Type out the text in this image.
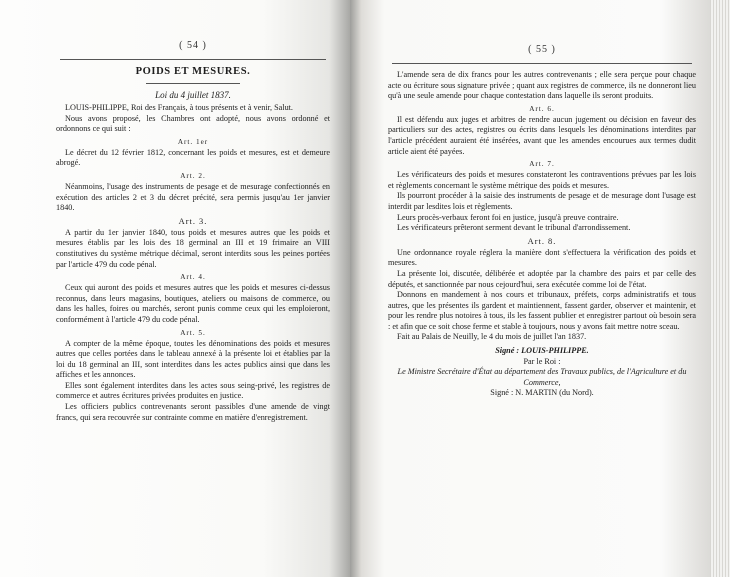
( 54 )
POIDS ET MESURES.
Loi du 4 juillet 1837.

LOUIS-PHILIPPE, Roi des Français, à tous présents et à venir, Salut.

Nous avons proposé, les Chambres ont adopté, nous avons ordonné et ordonnons ce qui suit :

Art. 1er

Le décret du 12 février 1812, concernant les poids et mesures, est et demeure abrogé.

Art. 2.

Néanmoins, l'usage des instruments de pesage et de mesurage confectionnés en exécution des articles 2 et 3 du décret précité, sera permis jusqu'au 1er janvier 1840.

Art. 3.

A partir du 1er janvier 1840, tous poids et mesures autres que les poids et mesures établis par les lois des 18 germinal an III et 19 frimaire an VIII constitutives du système métrique décimal, seront interdits sous les peines portées par l'article 479 du code pénal.

Art. 4.

Ceux qui auront des poids et mesures autres que les poids et mesures ci-dessus reconnus, dans leurs magasins, boutiques, ateliers ou maisons de commerce, ou dans les halles, foires ou marchés, seront punis comme ceux qui les emploieront, conformément à l'article 479 du code pénal.

Art. 5.

A compter de la même époque, toutes les dénominations des poids et mesures autres que celles portées dans le tableau annexé à la présente loi et établies par la loi du 18 germinal an III, sont interdites dans les actes publics ainsi que dans les affiches et les annonces.

Elles sont également interdites dans les actes sous seing-privé, les registres de commerce et autres écritures privées produites en justice.

Les officiers publics contrevenants seront passibles d'une amende de vingt francs, qui sera recouvrée sur contrainte comme en matière d'enregistrement.

( 55 )

L'amende sera de dix francs pour les autres contrevenants ; elle sera perçue pour chaque acte ou écriture sous signature privée ; quant aux registres de commerce, ils ne donneront lieu qu'à une seule amende pour chaque contestation dans laquelle ils seront produits.

Art. 6.

Il est défendu aux juges et arbitres de rendre aucun jugement ou décision en faveur des particuliers sur des actes, registres ou écrits dans lesquels les dénominations interdites par l'article précédent auraient été insérées, avant que les amendes encourues aux termes dudit article aient été payées.

Art. 7.

Les vérificateurs des poids et mesures constateront les contraventions prévues par les lois et règlements concernant le système métrique des poids et mesures.

Ils pourront procéder à la saisie des instruments de pesage et de mesurage dont l'usage est interdit par lesdites lois et règlements.

Leurs procès-verbaux feront foi en justice, jusqu'à preuve contraire.

Les vérificateurs prêteront serment devant le tribunal d'arrondissement.

Art. 8.

Une ordonnance royale réglera la manière dont s'effectuera la vérification des poids et mesures.

La présente loi, discutée, délibérée et adoptée par la chambre des pairs et par celle des députés, et sanctionnée par nous cejourd'hui, sera exécutée comme loi de l'état.

Donnons en mandement à nos cours et tribunaux, préfets, corps administratifs et tous autres, que les présentes ils gardent et maintiennent, fassent garder, observer et maintenir, et pour les rendre plus notoires à tous, ils les fassent publier et enregistrer partout où besoin sera : et afin que ce soit chose ferme et stable à toujours, nous y avons fait mettre notre sceau.

Fait au Palais de Neuilly, le 4 du mois de juillet l'an 1837.

Signé : LOUIS-PHILIPPE.

Par le Roi :

Le Ministre Secrétaire d'État au département des Travaux publics, de l'Agriculture et du Commerce,

Signé : N. MARTIN (du Nord).
